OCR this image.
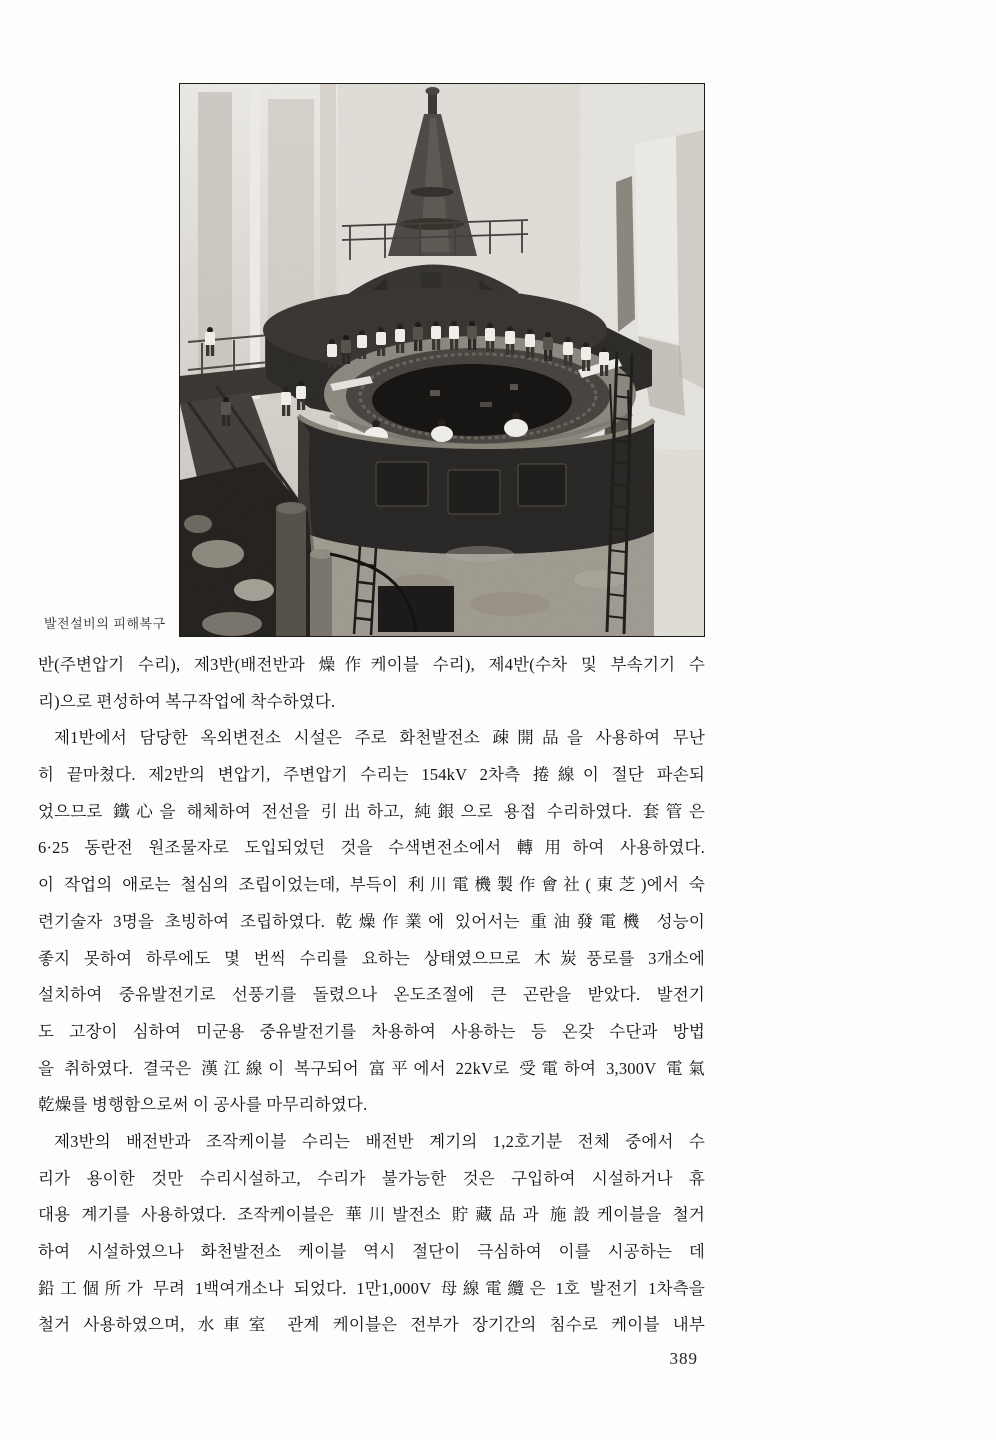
발전설비의 피해복구
반(주변압기 수리), 제3반(배전반과 燥作케이블 수리), 제4반(수차 및 부속기기 수
리)으로 편성하여 복구작업에 착수하였다.
제1반에서 담당한 옥외변전소 시설은 주로 화천발전소 疎開品을 사용하여 무난
히 끝마쳤다. 제2반의 변압기, 주변압기 수리는 154kV 2차측 捲線이 절단 파손되
었으므로 鐵心을 해체하여 전선을 引出하고, 純銀으로 용접 수리하였다. 套管은
6·25 동란전 원조물자로 도입되었던 것을 수색변전소에서 轉用하여 사용하였다.
이 작업의 애로는 철심의 조립이었는데, 부득이 利川電機製作會社(東芝)에서 숙
련기술자 3명을 초빙하여 조립하였다. 乾燥作業에 있어서는 重油發電機 성능이
좋지 못하여 하루에도 몇 번씩 수리를 요하는 상태였으므로 木炭풍로를 3개소에
설치하여 중유발전기로 선풍기를 돌렸으나 온도조절에 큰 곤란을 받았다. 발전기
도 고장이 심하여 미군용 중유발전기를 차용하여 사용하는 등 온갖 수단과 방법
을 취하였다. 결국은 漢江線이 복구되어 富平에서 22kV로 受電하여 3,300V 電氣
乾燥를 병행함으로써 이 공사를 마무리하였다.
제3반의 배전반과 조작케이블 수리는 배전반 계기의 1,2호기분 전체 중에서 수
리가 용이한 것만 수리시설하고, 수리가 불가능한 것은 구입하여 시설하거나 휴
대용 계기를 사용하였다. 조작케이블은 華川발전소 貯藏品과 施設케이블을 철거
하여 시설하였으나 화천발전소 케이블 역시 절단이 극심하여 이를 시공하는 데
鉛工個所가 무려 1백여개소나 되었다. 1만1,000V 母線電纜은 1호 발전기 1차측을
철거 사용하였으며, 水車室 관계 케이블은 전부가 장기간의 침수로 케이블 내부
389
